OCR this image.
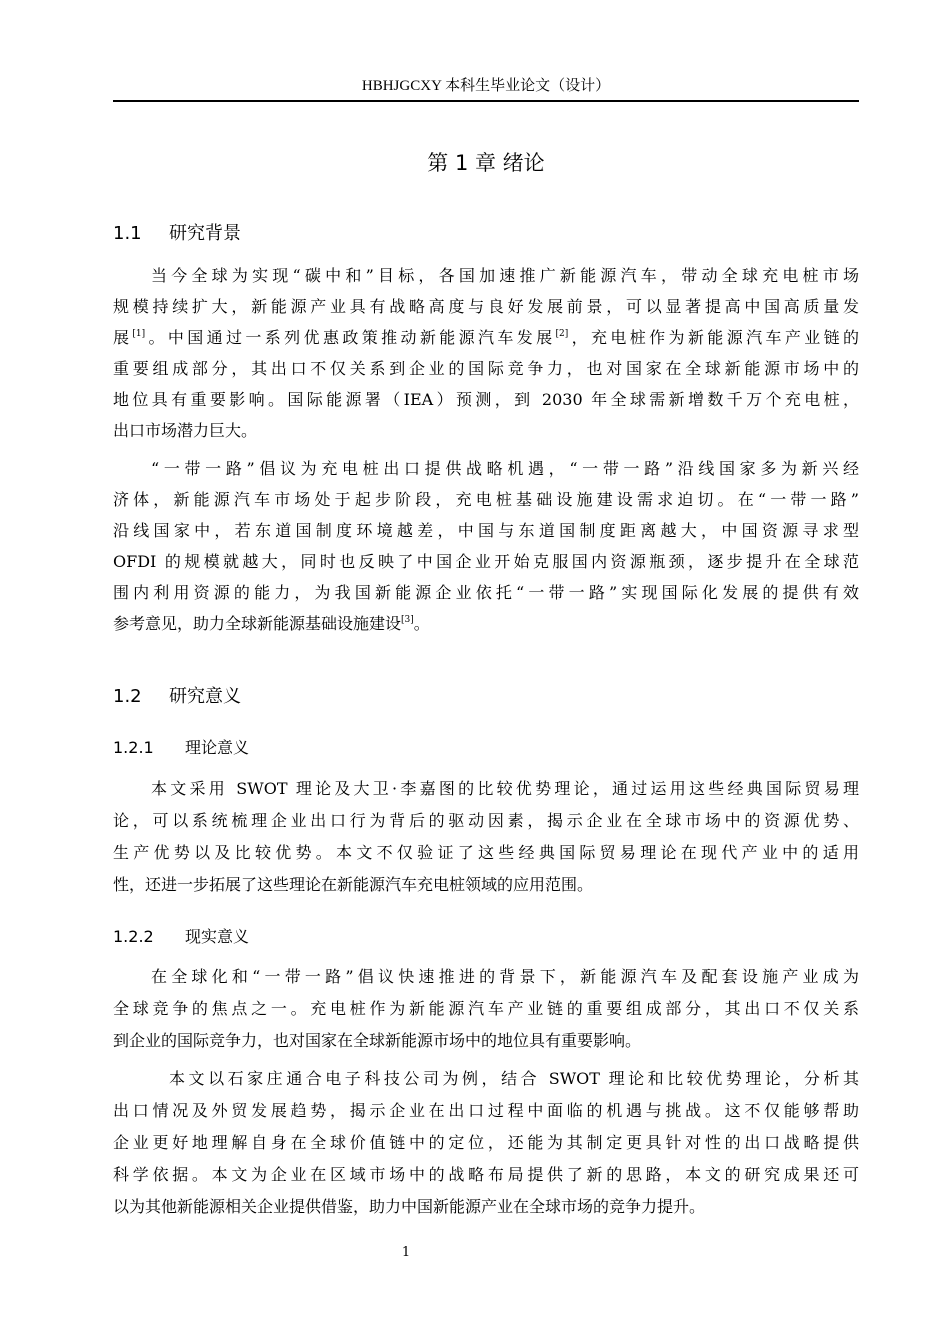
HBHJGCXY 本科生毕业论文（设计）
第 1 章 绪论
1.1 研究背景
当今全球为实现“碳中和”目标，各国加速推广新能源汽车，带动全球充电桩市场
规模持续扩大，新能源产业具有战略高度与良好发展前景，可以显著提高中国高质量发
展[1]。中国通过一系列优惠政策推动新能源汽车发展[2]，充电桩作为新能源汽车产业链的
重要组成部分，其出口不仅关系到企业的国际竞争力，也对国家在全球新能源市场中的
地位具有重要影响。国际能源署（IEA）预测，到 2030 年全球需新增数千万个充电桩，
出口市场潜力巨大。
“一带一路”倡议为充电桩出口提供战略机遇，“一带一路”沿线国家多为新兴经
济体，新能源汽车市场处于起步阶段，充电桩基础设施建设需求迫切。在“一带一路”
沿线国家中，若东道国制度环境越差，中国与东道国制度距离越大，中国资源寻求型
OFDI 的规模就越大，同时也反映了中国企业开始克服国内资源瓶颈，逐步提升在全球范
围内利用资源的能力，为我国新能源企业依托“一带一路”实现国际化发展的提供有效
参考意见，助力全球新能源基础设施建设[3]。
1.2 研究意义
1.2.1 理论意义
本文采用 SWOT 理论及大卫·李嘉图的比较优势理论，通过运用这些经典国际贸易理
论，可以系统梳理企业出口行为背后的驱动因素，揭示企业在全球市场中的资源优势、
生产优势以及比较优势。本文不仅验证了这些经典国际贸易理论在现代产业中的适用
性，还进一步拓展了这些理论在新能源汽车充电桩领域的应用范围。
1.2.2 现实意义
在全球化和“一带一路”倡议快速推进的背景下，新能源汽车及配套设施产业成为
全球竞争的焦点之一。充电桩作为新能源汽车产业链的重要组成部分，其出口不仅关系
到企业的国际竞争力，也对国家在全球新能源市场中的地位具有重要影响。
本文以石家庄通合电子科技公司为例，结合 SWOT 理论和比较优势理论，分析其
出口情况及外贸发展趋势，揭示企业在出口过程中面临的机遇与挑战。这不仅能够帮助
企业更好地理解自身在全球价值链中的定位，还能为其制定更具针对性的出口战略提供
科学依据。本文为企业在区域市场中的战略布局提供了新的思路，本文的研究成果还可
以为其他新能源相关企业提供借鉴，助力中国新能源产业在全球市场的竞争力提升。
1
